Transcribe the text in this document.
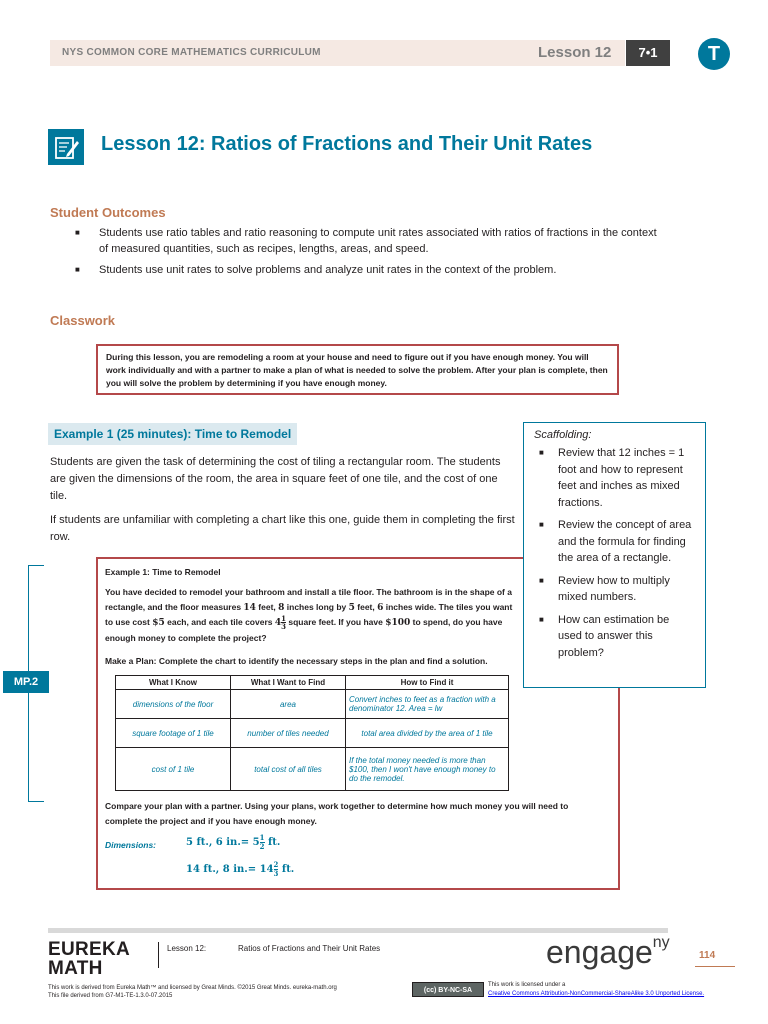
NYS COMMON CORE MATHEMATICS CURRICULUM	Lesson 12	7•1	T
Lesson 12: Ratios of Fractions and Their Unit Rates
Student Outcomes
■ Students use ratio tables and ratio reasoning to compute unit rates associated with ratios of fractions in the context of measured quantities, such as recipes, lengths, areas, and speed.
■ Students use unit rates to solve problems and analyze unit rates in the context of the problem.
Classwork
During this lesson, you are remodeling a room at your house and need to figure out if you have enough money. You will work individually and with a partner to make a plan of what is needed to solve the problem. After your plan is complete, then you will solve the problem by determining if you have enough money.
Example 1 (25 minutes): Time to Remodel
Students are given the task of determining the cost of tiling a rectangular room. The students are given the dimensions of the room, the area in square feet of one tile, and the cost of one tile.
If students are unfamiliar with completing a chart like this one, guide them in completing the first row.
MP.2
Example 1: Time to Remodel
You have decided to remodel your bathroom and install a tile floor. The bathroom is in the shape of a rectangle, and the floor measures 14 feet, 8 inches long by 5 feet, 6 inches wide. The tiles you want to use cost $5 each, and each tile covers $4 \frac{1}{3}$ square feet. If you have $100 to spend, do you have enough money to complete the project?
Make a Plan: Complete the chart to identify the necessary steps in the plan and find a solution.
What I Know	What I Want to Find	How to Find it
dimensions of the floor	area	Convert inches to feet as a fraction with a denominator 12. Area = lw
square footage of 1 tile	number of tiles needed	total area divided by the area of 1 tile
cost of 1 tile	total cost of all tiles	If the total money needed is more than $100, then I won't have enough money to do the remodel.
Compare your plan with a partner. Using your plans, work together to determine how much money you will need to complete the project and if you have enough money.
Dimensions:	5 ft., 6 $in.= 5 \frac{1}{2}$ ft.
14 ft., 8 $in.= 14 \frac{2}{3}$ ft.
Scaffolding:
■ Review that 12 inches = 1 foot and how to represent feet and inches as mixed fractions.
■ Review the concept of area and the formula for finding the area of a rectangle.
■ Review how to multiply mixed numbers.
■ How can estimation be used to answer this problem?
EUREKA
MATH
Lesson 12:	Ratios of Fractions and Their Unit Rates	engage$^{ny}$
114
This work is derived from Eureka Math™ and licensed by Great Minds. ©2015 Great Minds. eureka-math.org
This file derived from G7-M1-TE-1.3.0-07.2015
(cc) BY-NC-SA
This work is licensed under a
Creative Commons Attribution-NonCommercial-ShareAlike 3.0 Unported License.
